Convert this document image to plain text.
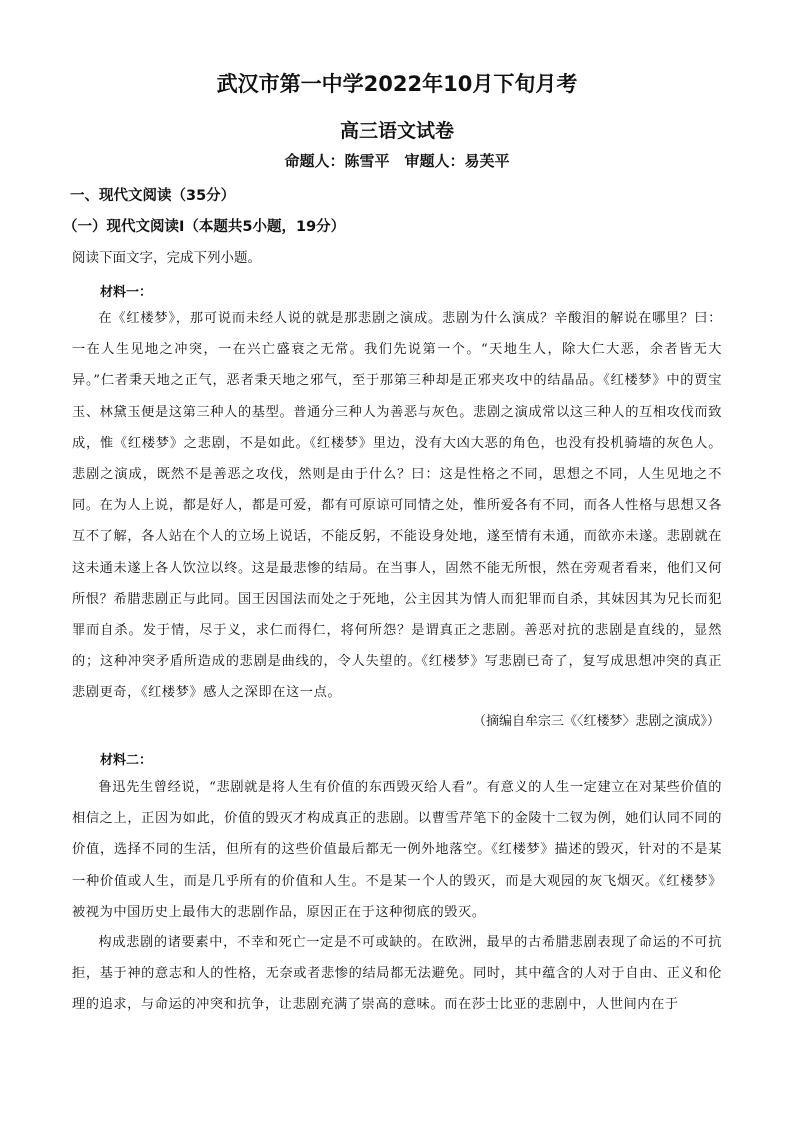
武汉市第一中学2022年10月下旬月考
高三语文试卷
命题人：陈雪平　审题人：易芙平
一、现代文阅读（35分）
（一）现代文阅读Ⅰ（本题共5小题，19分）
阅读下面文字，完成下列小题。
材料一：

在《红楼梦》，那可说而未经人说的就是那悲剧之演成。悲剧为什么演成？辛酸泪的解说在哪里？曰：一在人生见地之冲突，一在兴亡盛衰之无常。我们先说第一个。“天地生人，除大仁大恶，余者皆无大异。”仁者秉天地之正气，恶者秉天地之邪气，至于那第三种却是正邪夹攻中的结晶品。《红楼梦》中的贾宝玉、林黛玉便是这第三种人的基型。普通分三种人为善恶与灰色。悲剧之演成常以这三种人的互相攻伐而致成，惟《红楼梦》之悲剧，不是如此。《红楼梦》里边，没有大凶大恶的角色，也没有投机骑墙的灰色人。悲剧之演成，既然不是善恶之攻伐，然则是由于什么？曰：这是性格之不同，思想之不同，人生见地之不同。在为人上说，都是好人，都是可爱，都有可原谅可同情之处，惟所爱各有不同，而各人性格与思想又各互不了解，各人站在个人的立场上说话，不能反躬，不能设身处地，遂至情有未通，而欲亦未遂。悲剧就在这未通未遂上各人饮泣以终。这是最悲惨的结局。在当事人，固然不能无所恨，然在旁观者看来，他们又何所恨？希腊悲剧正与此同。国王因国法而处之于死地，公主因其为情人而犯罪而自杀，其妹因其为兄长而犯罪而自杀。发于情，尽于义，求仁而得仁，将何所怨？是谓真正之悲剧。善恶对抗的悲剧是直线的，显然的；这种冲突矛盾所造成的悲剧是曲线的，令人失望的。《红楼梦》写悲剧已奇了，复写成思想冲突的真正悲剧更奇，《红楼梦》感人之深即在这一点。

（摘编自牟宗三《〈红楼梦〉悲剧之演成》）
材料二：

鲁迅先生曾经说，“悲剧就是将人生有价值的东西毁灭给人看”。有意义的人生一定建立在对某些价值的相信之上，正因为如此，价值的毁灭才构成真正的悲剧。以曹雪芹笔下的金陵十二钗为例，她们认同不同的价值，选择不同的生活，但所有的这些价值最后都无一例外地落空。《红楼梦》描述的毁灭，针对的不是某一种价值或人生，而是几乎所有的价值和人生。不是某一个人的毁灭，而是大观园的灰飞烟灭。《红楼梦》被视为中国历史上最伟大的悲剧作品，原因正在于这种彻底的毁灭。

构成悲剧的诸要素中，不幸和死亡一定是不可或缺的。在欧洲，最早的古希腊悲剧表现了命运的不可抗拒，基于神的意志和人的性格，无奈或者悲惨的结局都无法避免。同时，其中蕴含的人对于自由、正义和伦理的追求，与命运的冲突和抗争，让悲剧充满了崇高的意味。而在莎士比亚的悲剧中，人世间内在于
